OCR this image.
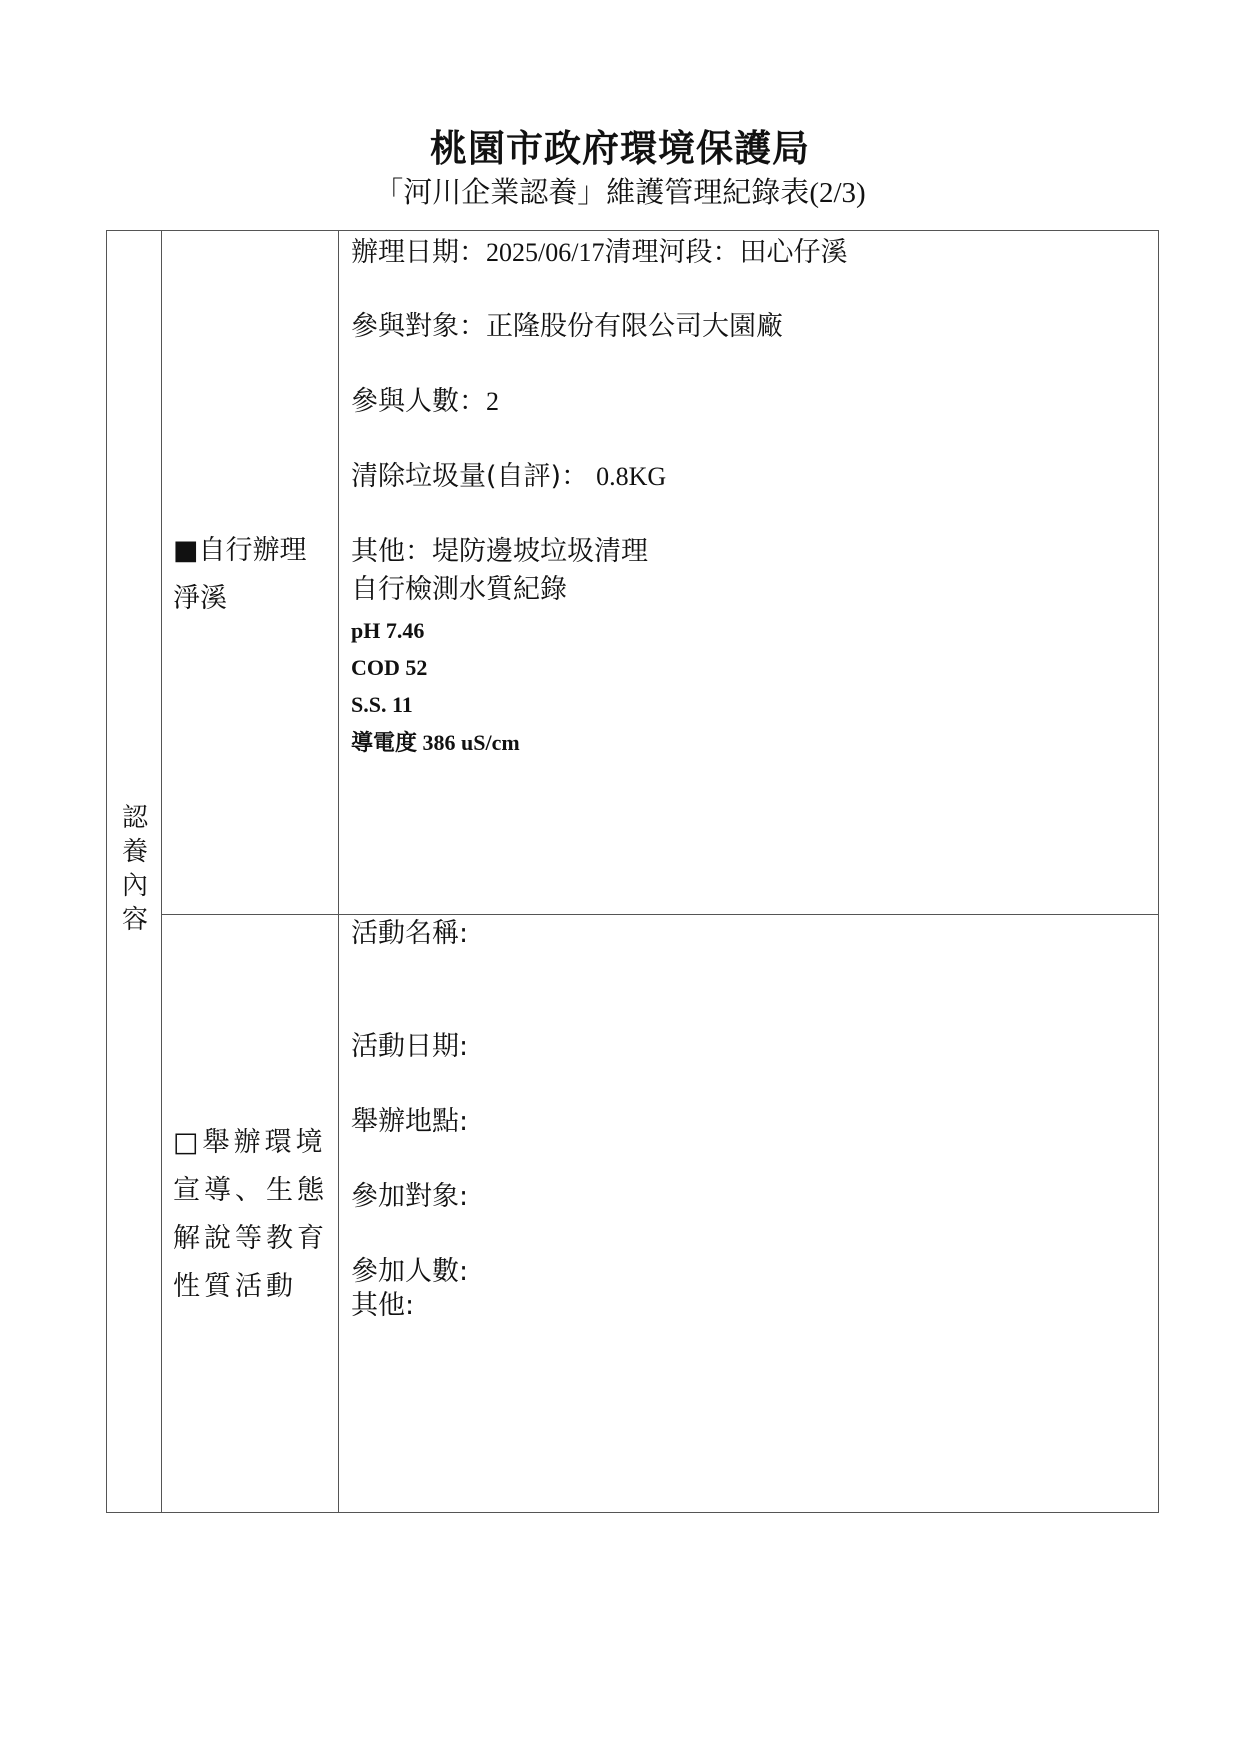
桃園市政府環境保護局
「河川企業認養」維護管理紀錄表(2/3)
認
養
內
容
■自行辦理
淨溪
辦理日期：2025/06/17清理河段：田心仔溪
參與對象：正隆股份有限公司大園廠
參與人數：2
清除垃圾量(自評)： 0.8KG
其他：堤防邊坡垃圾清理
自行檢測水質紀錄
pH 7.46
COD 52
S.S. 11
導電度 386 uS/cm
□舉辦環境
宣導、生態
解說等教育
性質活動
活動名稱:
活動日期:
舉辦地點:
參加對象:
參加人數:
其他:
